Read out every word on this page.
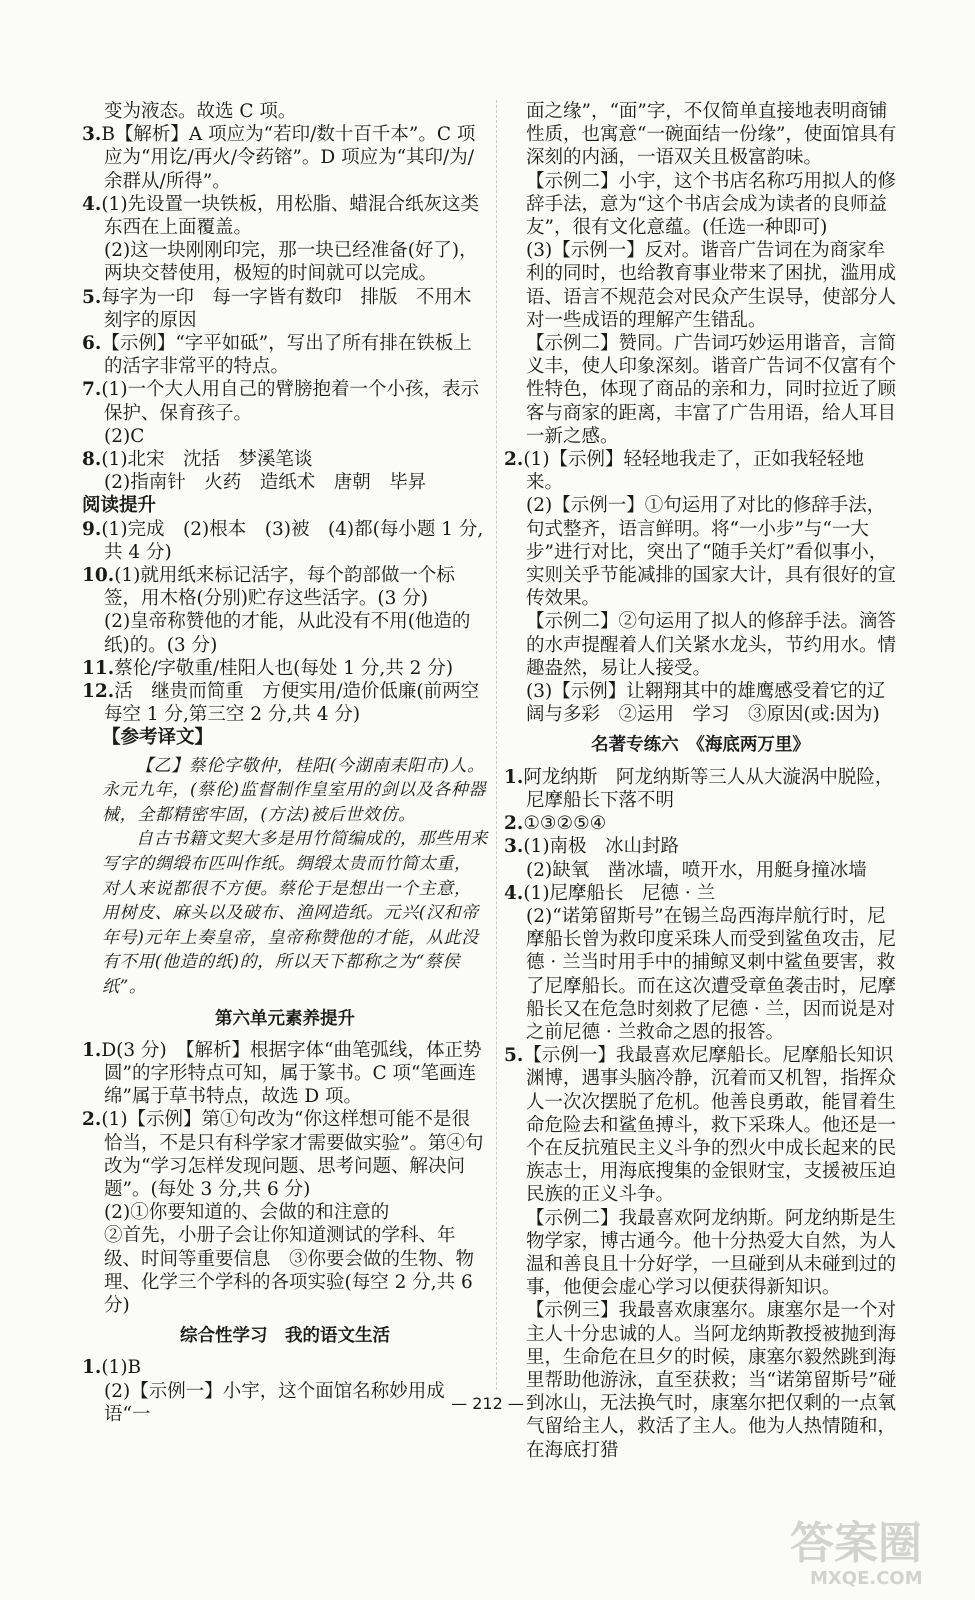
变为液态。故选 C 项。

3.B【解析】A 项应为“若印/数十百千本”。C 项应为“用讫/再火/令药镕”。D 项应为“其印/为/余群从/所得”。

4.(1)先设置一块铁板，用松脂、蜡混合纸灰这类东西在上面覆盖。

(2)这一块刚刚印完，那一块已经准备(好了)，两块交替使用，极短的时间就可以完成。

5.每字为一印　每一字皆有数印　排版　不用木刻字的原因

6.【示例】“字平如砥”，写出了所有排在铁板上的活字非常平的特点。

7.(1)一个大人用自己的臂膀抱着一个小孩，表示保护、保育孩子。

(2)C

8.(1)北宋　沈括　梦溪笔谈

(2)指南针　火药　造纸术　唐朝　毕昇

阅读提升

9.(1)完成　(2)根本　(3)被　(4)都(每小题 1 分,共 4 分)

10.(1)就用纸来标记活字，每个韵部做一个标签，用木格(分别)贮存这些活字。(3 分)

(2)皇帝称赞他的才能，从此没有不用(他造的纸)的。(3 分)

11.蔡伦/字敬重/桂阳人也(每处 1 分,共 2 分)

12.活　继贵而简重　方便实用/造价低廉(前两空每空 1 分,第三空 2 分,共 4 分)

【参考译文】

【乙】蔡伦字敬仲，桂阳(今湖南耒阳市)人。永元九年，(蔡伦)监督制作皇室用的剑以及各种器械，全都精密牢固，(方法)被后世效仿。

自古书籍文契大多是用竹简编成的，那些用来写字的绸缎布匹叫作纸。绸缎太贵而竹简太重，对人来说都很不方便。蔡伦于是想出一个主意，用树皮、麻头以及破布、渔网造纸。元兴(汉和帝年号)元年上奏皇帝，皇帝称赞他的才能，从此没有不用(他造的纸)的，所以天下都称之为“蔡侯纸”。

第六单元素养提升

1.D(3 分)　【解析】根据字体“曲笔弧线，体正势圆”的字形特点可知，属于篆书。C 项“笔画连绵”属于草书特点，故选 D 项。

2.(1)【示例】第①句改为“你这样想可能不是很恰当，不是只有科学家才需要做实验”。第④句改为“学习怎样发现问题、思考问题、解决问题”。(每处 3 分,共 6 分)

(2)①你要知道的、会做的和注意的

②首先，小册子会让你知道测试的学科、年级、时间等重要信息　③你要会做的生物、物理、化学三个学科的各项实验(每空 2 分,共 6 分)

综合性学习　我的语文生活

1.(1)B

(2)【示例一】小宇，这个面馆名称妙用成语“一

面之缘”，“面”字，不仅简单直接地表明商铺性质，也寓意“一碗面结一份缘”，使面馆具有深刻的内涵，一语双关且极富韵味。

【示例二】小宇，这个书店名称巧用拟人的修辞手法，意为“这个书店会成为读者的良师益友”，很有文化意蕴。(任选一种即可)

(3)【示例一】反对。谐音广告词在为商家牟利的同时，也给教育事业带来了困扰，滥用成语、语言不规范会对民众产生误导，使部分人对一些成语的理解产生错乱。

【示例二】赞同。广告词巧妙运用谐音，言简义丰，使人印象深刻。谐音广告词不仅富有个性特色，体现了商品的亲和力，同时拉近了顾客与商家的距离，丰富了广告用语，给人耳目一新之感。

2.(1)【示例】轻轻地我走了，正如我轻轻地来。

(2)【示例一】①句运用了对比的修辞手法，句式整齐，语言鲜明。将“一小步”与“一大步”进行对比，突出了“随手关灯”看似事小，实则关乎节能减排的国家大计，具有很好的宣传效果。

【示例二】②句运用了拟人的修辞手法。滴答的水声提醒着人们关紧水龙头，节约用水。情趣盎然，易让人接受。

(3)【示例】让翱翔其中的雄鹰感受着它的辽阔与多彩　②运用　学习　③原因(或:因为)

名著专练六　《海底两万里》

1.阿龙纳斯　阿龙纳斯等三人从大漩涡中脱险，尼摩船长下落不明

2.①③②⑤④

3.(1)南极　冰山封路

(2)缺氧　凿冰墙，喷开水，用艇身撞冰墙

4.(1)尼摩船长　尼德 · 兰

(2)“诺第留斯号”在锡兰岛西海岸航行时，尼摩船长曾为救印度采珠人而受到鲨鱼攻击，尼德 · 兰当时用手中的捕鲸叉刺中鲨鱼要害，救了尼摩船长。而在这次遭受章鱼袭击时，尼摩船长又在危急时刻救了尼德 · 兰，因而说是对之前尼德 · 兰救命之恩的报答。

5.【示例一】我最喜欢尼摩船长。尼摩船长知识渊博，遇事头脑冷静，沉着而又机智，指挥众人一次次摆脱了危机。他善良勇敢，能冒着生命危险去和鲨鱼搏斗，救下采珠人。他还是一个在反抗殖民主义斗争的烈火中成长起来的民族志士，用海底搜集的金银财宝，支援被压迫民族的正义斗争。

【示例二】我最喜欢阿龙纳斯。阿龙纳斯是生物学家，博古通今。他十分热爱大自然，为人温和善良且十分好学，一旦碰到从未碰到过的事，他便会虚心学习以便获得新知识。

【示例三】我最喜欢康塞尔。康塞尔是一个对主人十分忠诚的人。当阿龙纳斯教授被抛到海里，生命危在旦夕的时候，康塞尔毅然跳到海里帮助他游泳，直至获救；当“诺第留斯号”碰到冰山，无法换气时，康塞尔把仅剩的一点氧气留给主人，救活了主人。他为人热情随和，在海底打猎

— 212 —
答案圈
MXQE.COM
